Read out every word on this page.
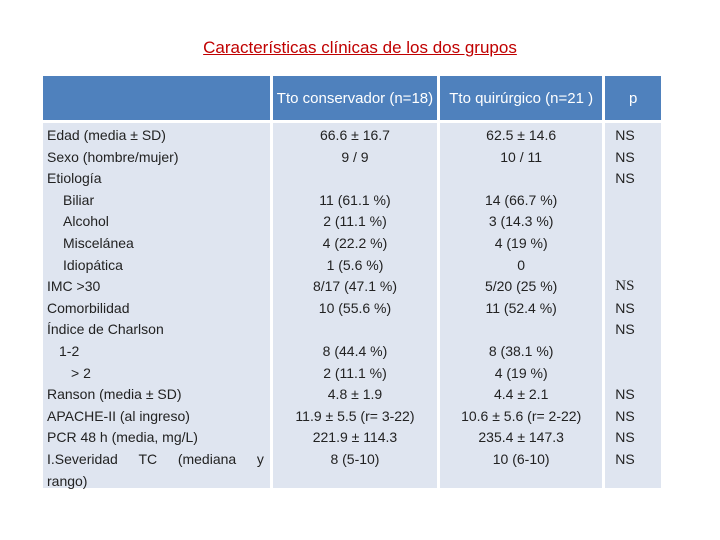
Características clínicas de los dos grupos
Tto conservador (n=18)	Tto quirúrgico (n=21 )	p
Edad (media ± SD)
Sexo (hombre/mujer)
Etiología
Biliar
Alcohol
Miscelánea
Idiopática
IMC >30
Comorbilidad
Índice de Charlson
1-2
> 2
Ranson (media ± SD)
APACHE-II (al ingreso)
PCR 48 h (media, mg/L)
I.Severidad TC (mediana y
rango)
66.6 ± 16.7
9 / 9
11 (61.1 %)
2 (11.1 %)
4 (22.2 %)
1 (5.6 %)
8/17 (47.1 %)
10 (55.6 %)
8 (44.4 %)
2 (11.1 %)
4.8 ± 1.9
11.9 ± 5.5 (r= 3-22)
221.9 ± 114.3
8 (5-10)
62.5 ± 14.6
10 / 11
14 (66.7 %)
3 (14.3 %)
4 (19 %)
0
5/20 (25 %)
11 (52.4 %)
8 (38.1 %)
4 (19 %)
4.4 ± 2.1
10.6 ± 5.6 (r= 2-22)
235.4 ± 147.3
10 (6-10)
NS
NS
NS
NS
NS
NS
NS
NS
NS
NS
